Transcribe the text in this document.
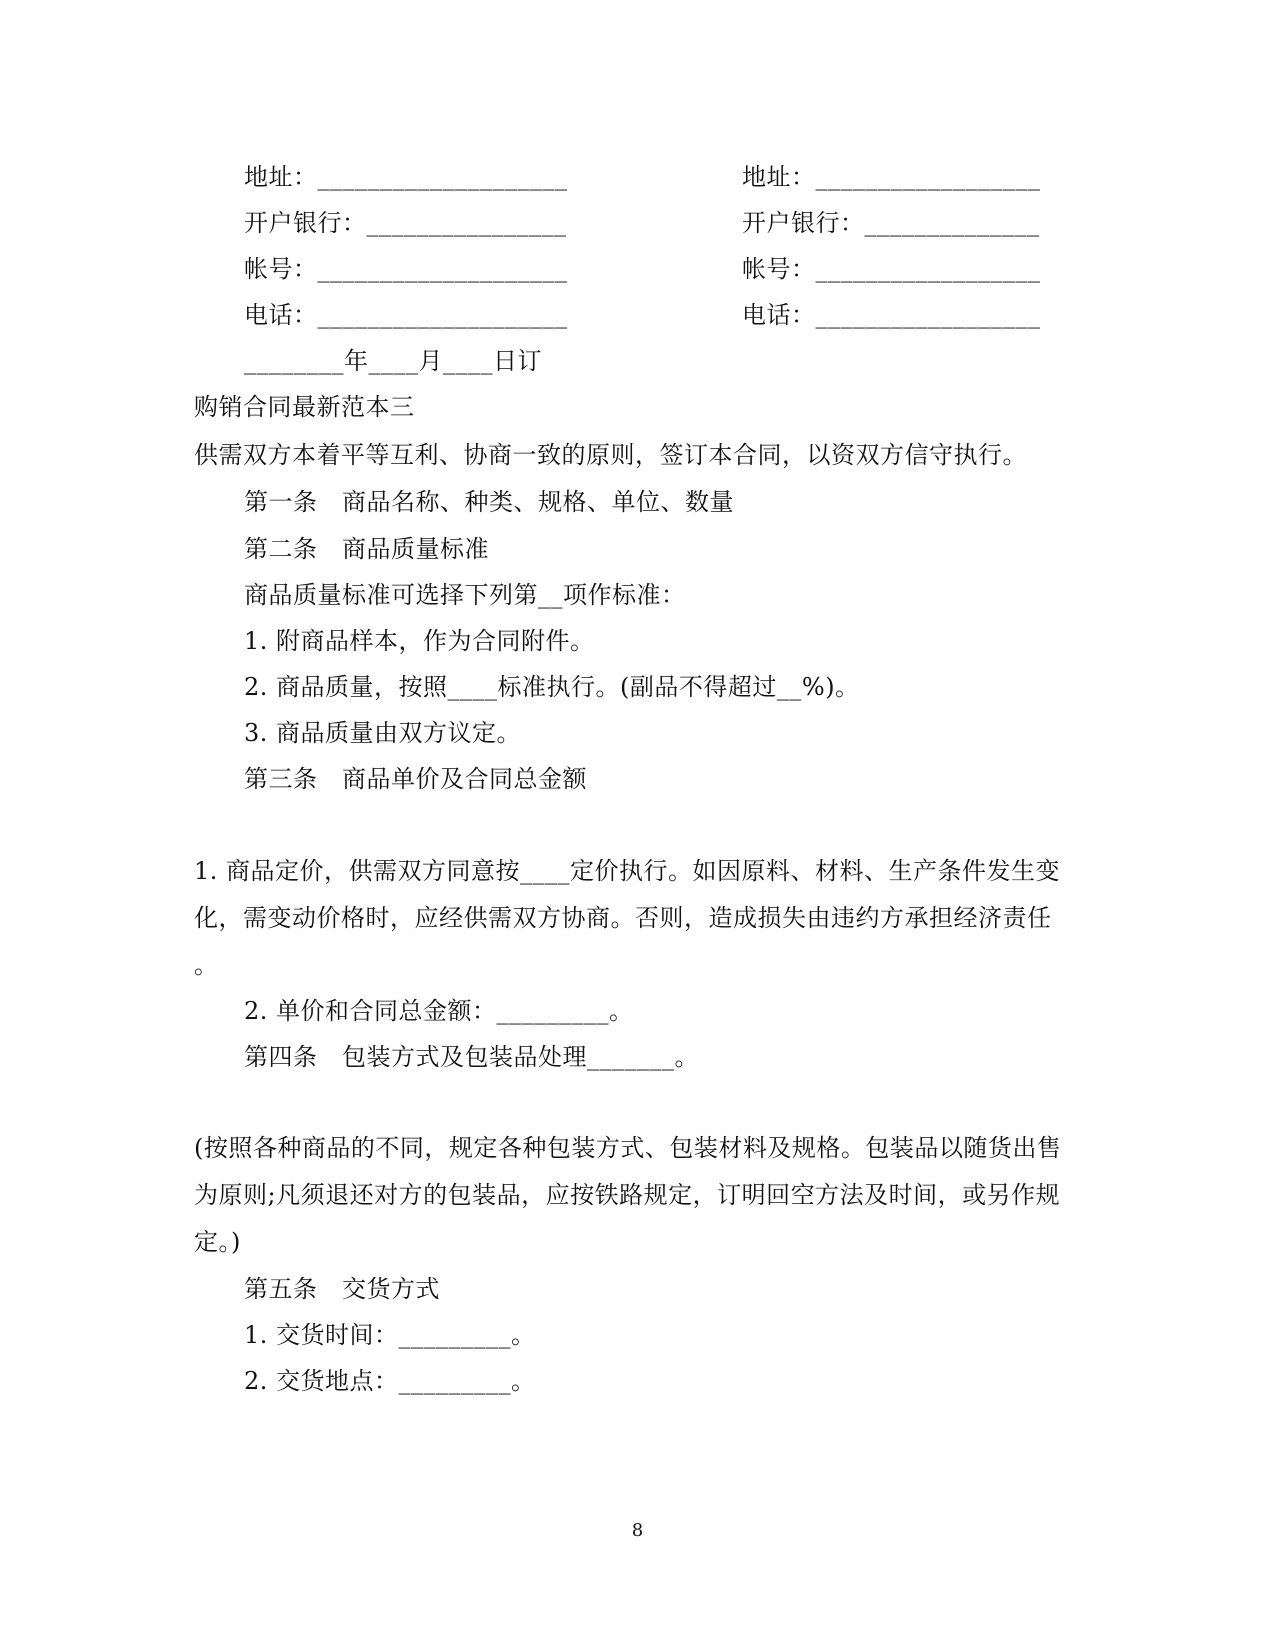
地址：____________________	地址：__________________
开户银行：________________	开户银行：______________
帐号：____________________	帐号：__________________
电话：____________________	电话：__________________
________年____月____日订
购销合同最新范本三
供需双方本着平等互利、协商一致的原则，签订本合同，以资双方信守执行。
第一条　商品名称、种类、规格、单位、数量
第二条　商品质量标准
商品质量标准可选择下列第__项作标准：
1. 附商品样本，作为合同附件。
2. 商品质量，按照____标准执行。(副品不得超过__%)。
3. 商品质量由双方议定。
第三条　商品单价及合同总金额
1. 商品定价，供需双方同意按____定价执行。如因原料、材料、生产条件发生变
化，需变动价格时，应经供需双方协商。否则，造成损失由违约方承担经济责任
。
2. 单价和合同总金额：_________。
第四条　包装方式及包装品处理_______。
(按照各种商品的不同，规定各种包装方式、包装材料及规格。包装品以随货出售
为原则;凡须退还对方的包装品，应按铁路规定，订明回空方法及时间，或另作规
定。)
第五条　交货方式
1. 交货时间：_________。
2. 交货地点：_________。
8
